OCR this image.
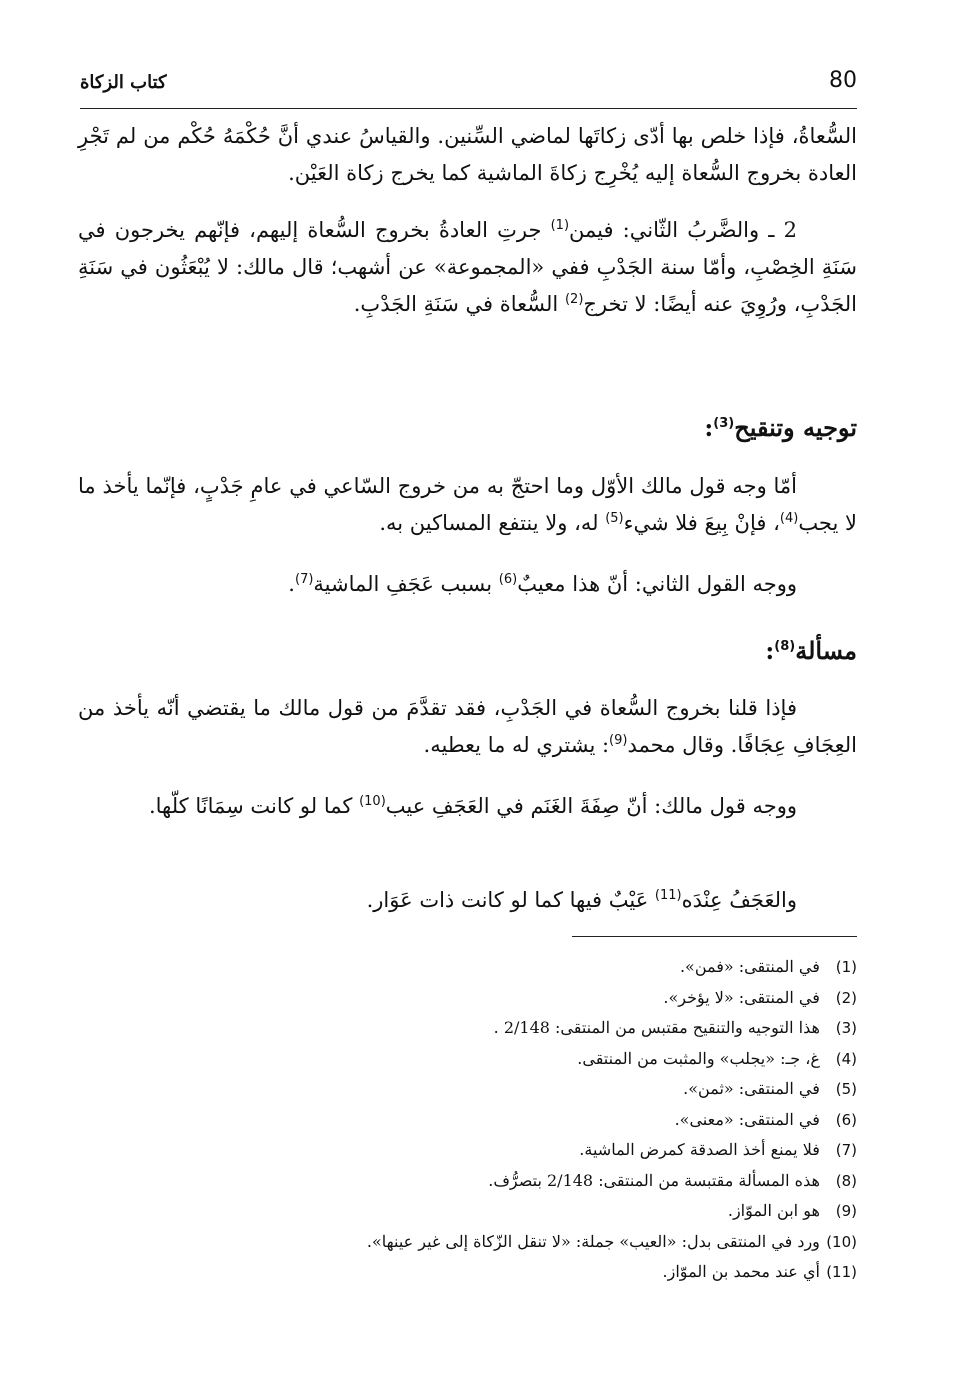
80
كتاب الزكاة

السُّعاةُ، فإذا خلص بها أدّى زكاتَها لماضي السِّنين. والقياسُ عندي أنَّ حُكْمَهُ حُكْم من لم تَجْرِ العادة بخروج السُّعاة إليه يُخْرِج زكاةَ الماشية كما يخرج زكاة العَيْن.

2 ـ والضَّربُ الثّاني: فيمن$^{(1)}$ جرتِ العادةُ بخروج السُّعاة إليهم، فإنّهم يخرجون في سَنَةِ الخِصْبِ، وأمّا سنة الجَدْبِ ففي «المجموعة» عن أشهب؛ قال مالك: لا يُبْعَثُون في سَنَةِ الجَدْبِ، ورُوِيَ عنه أيضًا: لا تخرج$^{(2)}$ السُّعاة في سَنَةِ الجَدْبِ.

توجيه وتنقيح$^{(3)}$:

أمّا وجه قول مالك الأوّل وما احتجّ به من خروج السّاعي في عامِ جَدْبٍ، فإنّما يأخذ ما لا يجب$^{(4)}$، فإنْ بِيعَ فلا شيء$^{(5)}$ له، ولا ينتفع المساكين به.

ووجه القول الثاني: أنّ هذا معيبٌ$^{(6)}$ بسبب عَجَفِ الماشية$^{(7)}$.

مسألة$^{(8)}$:

فإذا قلنا بخروج السُّعاة في الجَدْبِ، فقد تقدَّمَ من قول مالك ما يقتضي أنّه يأخذ من العِجَافِ عِجَافًا. وقال محمد$^{(9)}$: يشتري له ما يعطيه.

ووجه قول مالك: أنّ صِفَةَ الغَنَم في العَجَفِ عيب$^{(10)}$ كما لو كانت سِمَانًا كلّها.

والعَجَفُ عِنْدَه$^{(11)}$ عَيْبٌ فيها كما لو كانت ذات عَوَار.

(1) في المنتقى: «فمن».
(2) في المنتقى: «لا يؤخر».
(3) هذا التوجيه والتنقيح مقتبس من المنتقى: 2/148 .
(4) غ، جـ: «يجلب» والمثبت من المنتقى.
(5) في المنتقى: «ثمن».
(6) في المنتقى: «معنى».
(7) فلا يمنع أخذ الصدقة كمرض الماشية.
(8) هذه المسألة مقتبسة من المنتقى: 2/148 بتصرُّف.
(9) هو ابن الموّاز.
(10) ورد في المنتقى بدل: «العيب» جملة: «لا تنقل الزّكاة إلى غير عينها».
(11) أي عند محمد بن الموّاز.
